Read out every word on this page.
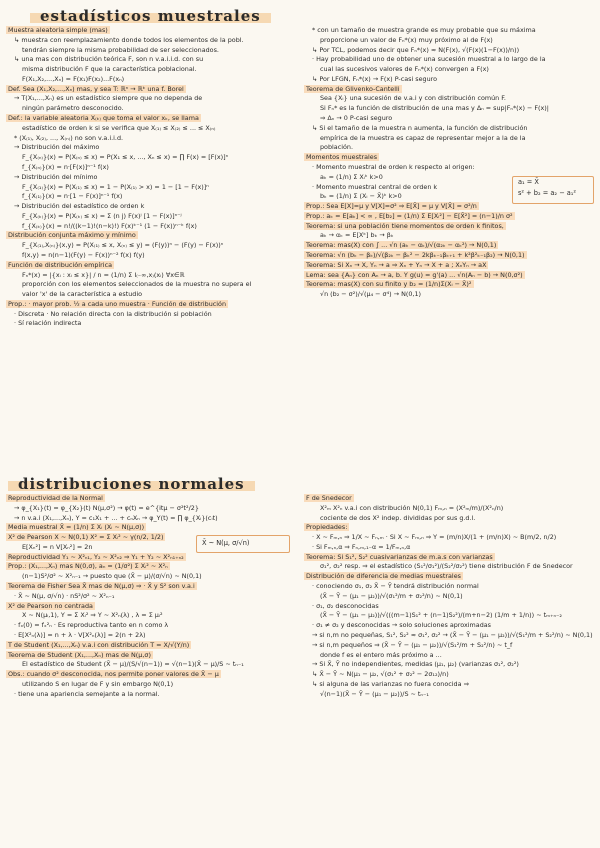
estadísticos muestrales

Muestra aleatoria simple (mas)

↳ muestra con reemplazamiento donde todos los elementos de la pobl.

tendrán siempre la misma probabilidad de ser seleccionados.

↳ una mas con distribución teórica F, son n v.a.i.i.d. con su

misma distribución F que la característica poblacional.

F(X₁,X₂,...,Xₙ) = F(x₁)F(x₂)...F(xₙ)

Def. Sea (X₁,X₂,...,Xₙ) mas, y sea T: ℝⁿ → ℝᵏ una f. Borel

→ T(X₁,...,Xₙ) es un estadístico siempre que no dependa de

ningún parámetro desconocido.

Def.: la variable aleatoria X₍ₖ₎ que toma el valor xₖ, se llama

estadístico de orden k si se verifica que X₍₁₎ ≤ X₍₂₎ ≤ ... ≤ X₍ₙ₎

* (X₍₁₎, X₍₂₎, ..., X₍ₙ₎) no son v.a.i.i.d.

→ Distribución del máximo

F_{X₍ₙ₎}(x) = P(X₍ₙ₎ ≤ x) = P(X₁ ≤ x, ..., Xₙ ≤ x) = ∏ F(x) = [F(x)]ⁿ

f_{X₍ₙ₎}(x) = n·[F(x)]ⁿ⁻¹ f(x)

→ Distribución del mínimo

F_{X₍₁₎}(x) = P(X₍₁₎ ≤ x) = 1 − P(X₍₁₎ > x) = 1 − [1 − F(x)]ⁿ

f_{X₍₁₎}(x) = n·[1 − F(x)]ⁿ⁻¹ f(x)

→ Distribución del estadístico de orden k

F_{X₍ₖ₎}(x) = P(X₍ₖ₎ ≤ x) = Σ (n j) F(x)ʲ [1 − F(x)]ⁿ⁻ʲ

f_{X₍ₖ₎}(x) = n!/((k−1)!(n−k)!) F(x)ᵏ⁻¹ (1 − F(x))ⁿ⁻ᵏ f(x)

Distribución conjunta máximo y mínimo

F_{X₍₁₎,X₍ₙ₎}(x,y) = P(X₍₁₎ ≤ x, X₍ₙ₎ ≤ y) = (F(y))ⁿ − (F(y) − F(x))ⁿ

f(x,y) = n(n−1)(F(y) − F(x))ⁿ⁻² f(x) f(y)

Función de distribución empírica

Fₙ*(x) = |{xᵢ : xᵢ ≤ x}| / n = (1/n) Σ I₍₋∞,x₎(xᵢ) ∀x∈ℝ

proporción con los elementos seleccionados de la muestra no supera el

valor 'x' de la característica a estudio

Prop.: · mayor prob. ½ a cada uno muestra · Función de distribución

· Discreta · No relación directa con la distribución si población

· Sí relación indirecta

* con un tamaño de muestra grande es muy probable que su máxima

proporcione un valor de Fₙ*(x) muy próximo al de F(x)

↳ Por TCL, podemos decir que Fₙ*(x) ≈ N(F(x), √(F(x)(1−F(x))/n))

· Hay probabilidad uno de obtener una sucesión muestral a lo largo de la

cual las sucesivos valores de Fₙ*(x) convergen a F(x)

↳ Por LFGN, Fₙ*(x) → F(x) P-casi seguro

Teorema de Glivenko-Cantelli

Sea {Xᵢ} una sucesión de v.a.i y con distribución común F.

Si Fₙ* es la función de distribución de una mas y Δₙ = sup|Fₙ*(x) − F(x)|

⇒ Δₙ → 0 P-casi seguro

↳ Si el tamaño de la muestra n aumenta, la función de distribución

empírica de la muestra es capaz de representar mejor a la de la

población.

Momentos muestrales

· Momento muestral de orden k respecto al origen:

aₖ = (1/n) Σ Xᵢᵏ k>0

· Momento muestral central de orden k

bₖ = (1/n) Σ (Xᵢ − X̄)ᵏ k>0

Prop.: Sea E[X]=μ y V[X]=σ² ⇒ E[X̄] = μ y V[X̄] = σ²/n

Prop.: aₖ = E[aₖ] < ∞ , E[b₂] = (1/n) Σ E[Xᵢ²] − E[X̄²] = (n−1)/n σ²

Teorema: si una población tiene momentos de orden k finitos,

aₖ → αₖ = E[Xᵏ] bₖ → βₖ

Teorema: mas(X) con ∫ ... √n (aₖ − αₖ)/√(α₂ₖ − αₖ²) → N(0,1)

Teorema: √n (bₖ − βₖ)/√(β₂ₖ − βₖ² − 2kβₖ₋₁βₖ₊₁ + k²β²ₖ₋₁β₂) → N(0,1)

Teorema: Si Xₙ → X, Yₙ → a ⇒ Xₙ + Yₙ → X + a ; XₙYₙ → aX

Lema: sea {Aₙ} con Aₙ → a, b. Y g(u) = g'(a) ... √n(Aₙ − b) → N(0,σ²)

Teorema: mas(X) con su finito y b₂ = (1/n)Σ(Xᵢ − X̄)²

√n (b₂ − σ²)/√(μ₄ − σ⁴) → N(0,1)

a₁ = X̄
s² + b₂ = a₂ − a₁²
distribuciones normales

Reproductividad de la Normal

→ φ_{X₁}(t) = φ_{X₂}(t) N(μ,σ²) → φ(t) = e^{itμ − σ²t²/2}

→ n v.a.i (X₁,...,Xₙ), Y = c₁X₁ + ... + cₙXₙ → φ_Y(t) = ∏ φ_{Xᵢ}(cᵢt)

Media muestral X̄ = (1/n) Σ Xᵢ (Xᵢ ~ N(μ,σ))

X² de Pearson X ~ N(0,1) X² = Σ Xᵢ² ~ γ(n/2, 1/2)

E[Xₙ²] = n V[Xₙ²] = 2n

Reproductividad Y₁ ~ X²ₙ₁, Y₂ ~ X²ₙ₂ ⇒ Y₁ + Y₂ ~ X²ₙ₁₊ₙ₂

Prop.: (X₁,...,Xₙ) mas N(0,σ), aₙ = (1/σ²) Σ Xᵢ² ~ X²ₙ

(n−1)S²/σ² ~ X²ₙ₋₁ → puesto que (X̄ − μ)/(σ/√n) ~ N(0,1)

Teorema de Fisher Sea X̄ mas de N(μ,σ) ⇒ · X̄ y S² son v.a.i

· X̄ ~ N(μ, σ/√n) · nS²/σ² ~ X²ₙ₋₁

X² de Pearson no centrada

X ~ N(μᵢ,1), Y = Σ Xᵢ² ⇒ Y ~ X²ₙ(λ) , λ = Σ μᵢ²

· fₓ(0) = fₓ²ₙ · Es reproductiva tanto en n como λ

· E[X²ₙ(λ)] = n + λ · V[X²ₙ(λ)] = 2(n + 2λ)

T de Student (X₁,...,Xₙ) v.a.i con distribución T = X/√(Y/n)

Teorema de Student (X₁,...,Xₙ) mas de N(μ,σ)

El estadístico de Student (X̄ − μ)/(S/√(n−1)) = √(n−1)(X̄ − μ)/S ~ tₙ₋₁

Obs.: cuando σ² desconocida, nos permite poner valores de X̄ − μ

utilizando S en lugar de F y sin embargo N(0,1)

· tiene una apariencia semejante a la normal.

F de Snedecor

X²ₘ X²ₙ v.a.i con distribución N(0,1) Fₘ,ₙ = (X²ₘ/m)/(X²ₙ/n)

cociente de dos X² indep. divididas por sus g.d.l.

Propiedades:

· X ~ Fₘ,ₙ ⇒ 1/X ~ Fₙ,ₘ · Si X ~ Fₘ,ₙ ⇒ Y = (m/n)X/(1 + (m/n)X) ~ B(m/2, n/2)

· Si Fₘ,ₙ,α ⇒ Fₙ,ₘ,₁₋α = 1/Fₘ,ₙ,α

Teorema: Si S₁², S₂² cuasivarianzas de m.a.s con varianzas

σ₁², σ₂² resp. ⇒ el estadístico (S₁²/σ₁²)/(S₂²/σ₂²) tiene distribución F de Snedecor

Distribución de diferencia de medias muestrales

· conociendo σ₁, σ₂ X̄ − Ȳ tendrá distribución normal

(X̄ − Ȳ − (μ₁ − μ₂))/√(σ₁²/m + σ₂²/n) ~ N(0,1)

· σ₁, σ₂ desconocidas

(X̄ − Ȳ − (μ₁ − μ₂))/√(((m−1)S₁² + (n−1)S₂²)/(m+n−2) (1/m + 1/n)) ~ tₘ₊ₙ₋₂

· σ₁ ≠ σ₂ y desconocidas → solo soluciones aproximadas

→ si n,m no pequeñas, S₁², S₂² ≈ σ₁², σ₂² → (X̄ − Ȳ − (μ₁ − μ₂))/√(S₁²/m + S₂²/n) ~ N(0,1)

→ si n,m pequeños ⇒ (X̄ − Ȳ − (μ₁ − μ₂))/√(S₁²/m + S₂²/n) ~ t_f

donde f es el entero más próximo a ...

→ Si X̄, Ȳ no independientes, medidas (μ₁, μ₂) (varianzas σ₁², σ₂²)

↳ X̄ − Ȳ ~ N(μ₁ − μ₂, √(σ₁² + σ₂² − 2σ₁₂)/n)

↳ si alguna de las varianzas no fuera conocida ⇒

√(n−1)(X̄ − Ȳ − (μ₁ − μ₂))/S ~ tₙ₋₁

X̄ ~ N(μ, σ/√n)
